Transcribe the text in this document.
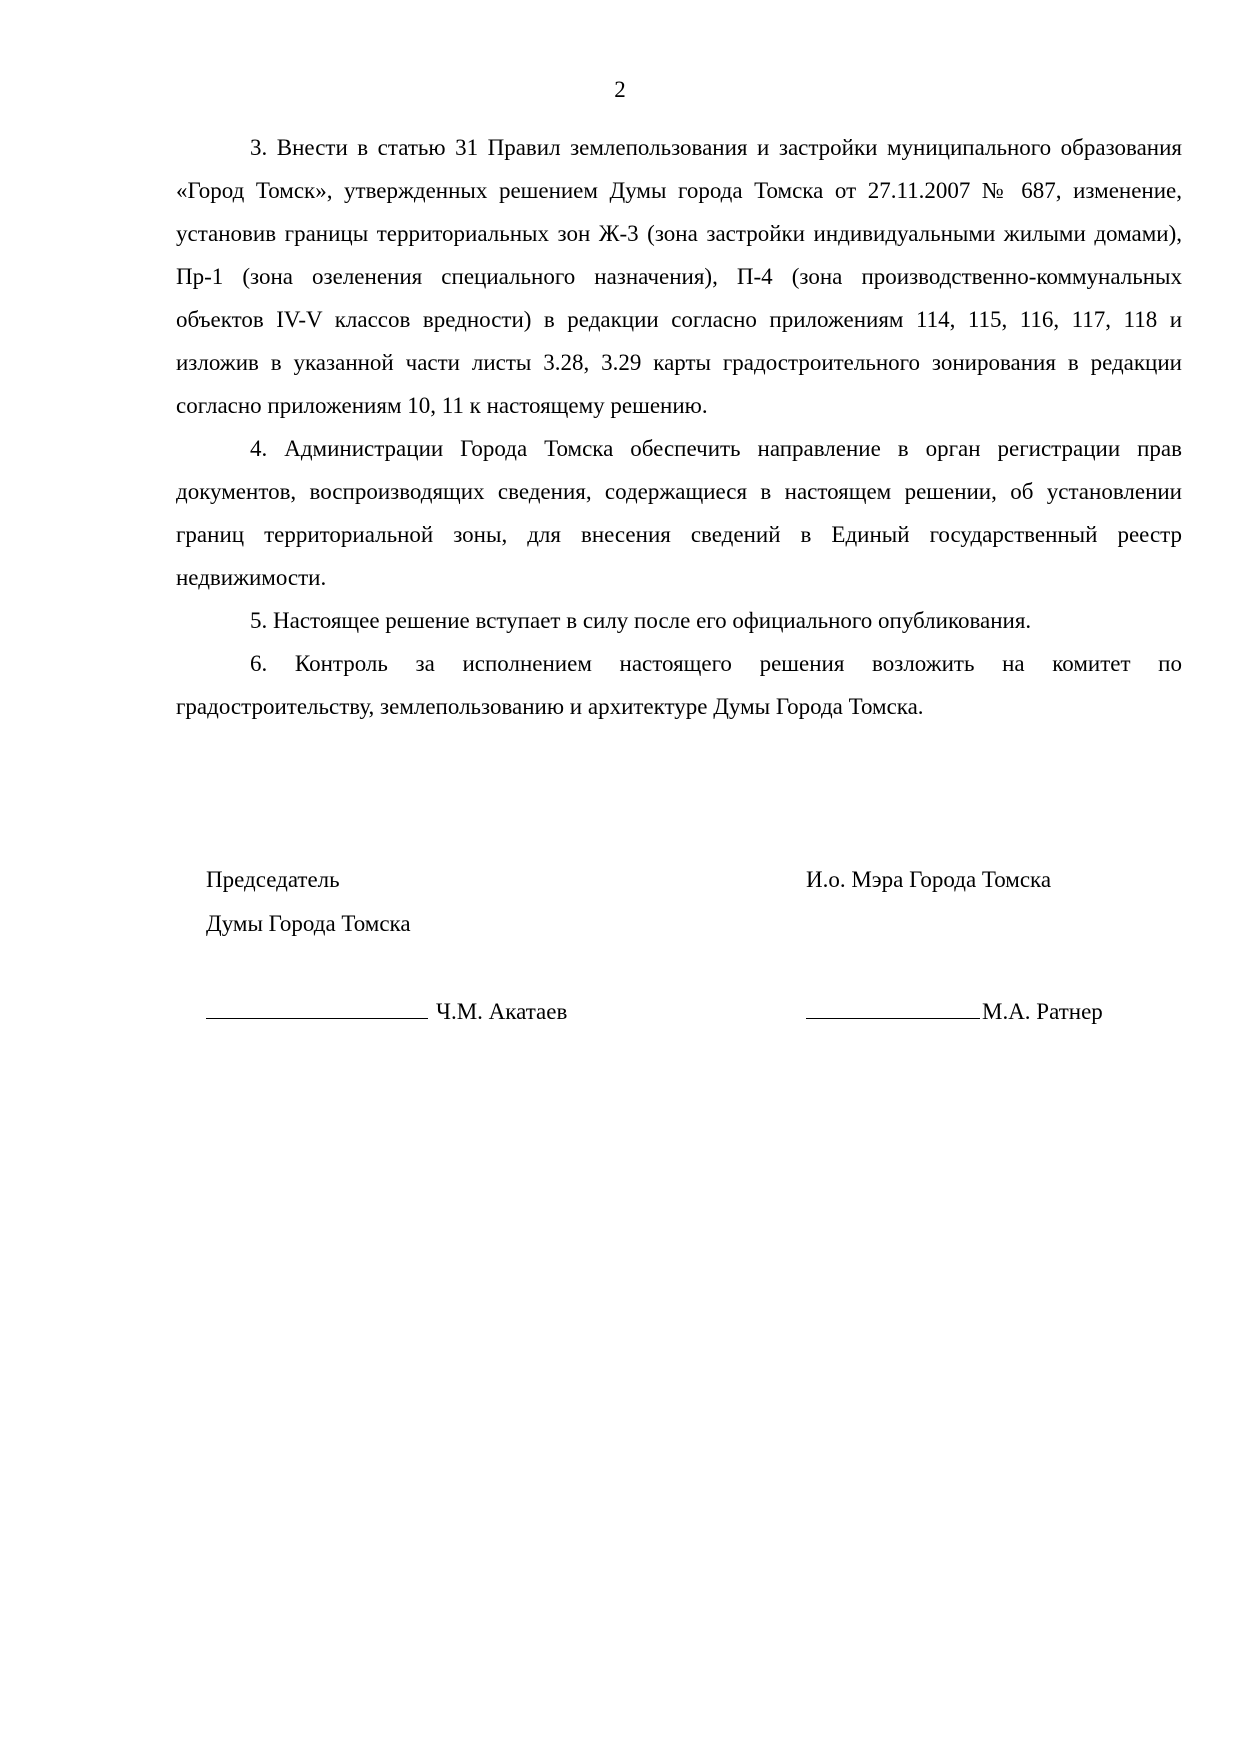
2

3. Внести в статью 31 Правил землепользования и застройки муниципального образования «Город Томск», утвержденных решением Думы города Томска от 27.11.2007 № 687, изменение, установив границы территориальных зон Ж-3 (зона застройки индивидуальными жилыми домами), Пр-1 (зона озеленения специального назначения), П-4 (зона производственно-коммунальных объектов IV-V классов вредности) в редакции согласно приложениям 114, 115, 116, 117, 118 и изложив в указанной части листы 3.28, 3.29 карты градостроительного зонирования в редакции согласно приложениям 10, 11 к настоящему решению.

4. Администрации Города Томска обеспечить направление в орган регистрации прав документов, воспроизводящих сведения, содержащиеся в настоящем решении, об установлении границ территориальной зоны, для внесения сведений в Единый государственный реестр недвижимости.

5. Настоящее решение вступает в силу после его официального опубликования.

6. Контроль за исполнением настоящего решения возложить на комитет по градостроительству, землепользованию и архитектуре Думы Города Томска.

Председатель
Думы Города Томска
И.о. Мэра Города Томска
Ч.М. Акатаев	М.А. Ратнер
